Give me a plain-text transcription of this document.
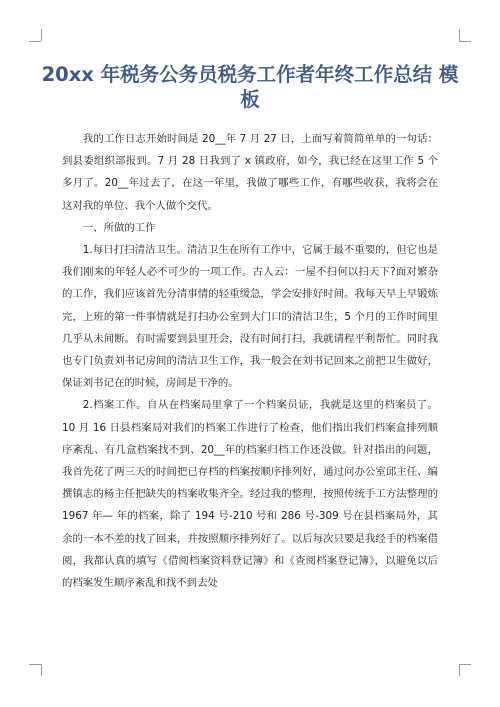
20xx 年税务公务员税务工作者年终工作总结 模板

我的工作日志开始时间是 20__年 7 月 27 日，上面写着简简单单的一句话：到县委组织部报到。7 月 28 日我到了 x 镇政府，如今，我已经在这里工作 5 个多月了。20__年过去了，在这一年里，我做了哪些工作，有哪些收获，我将会在这对我的单位、我个人做个交代。

一、所做的工作

1.每日打扫清洁卫生。清洁卫生在所有工作中，它属于最不重要的，但它也是我们刚来的年轻人必不可少的一项工作。古人云：一屋不扫何以扫天下?面对繁杂的工作，我们应该首先分清事情的轻重缓急，学会安排好时间。我每天早上早锻炼完，上班的第一件事情就是打扫办公室到大门口的清洁卫生，5 个月的工作时间里几乎从未间断。有时需要到县里开会，没有时间打扫，我就请程平利帮忙。同时我也专门负责刘书记房间的清洁卫生工作，我一般会在刘书记回来之前把卫生做好，保证刘书记在的时候，房间是干净的。

2.档案工作。自从在档案局里拿了一个档案员证，我就是这里的档案员了。10 月 16 日县档案局对我们的档案工作进行了检查，他们指出我们档案盒排列顺序紊乱、有几盒档案找不到、20__年的档案归档工作还没做。针对指出的问题，我首先花了两三天的时间把已存档的档案按顺序排列好，通过问办公室邱主任、编撰镇志的杨主任把缺失的档案收集齐全。经过我的整理，按照传统手工方法整理的 1967 年— 年的档案，除了 194 号-210 号和 286 号-309 号在县档案局外，其余的一本不差的找了回来，并按照顺序排列好了。以后每次只要是我经手的档案借阅，我都认真的填写《借阅档案资料登记簿》和《查阅档案登记簿》，以避免以后的档案发生顺序紊乱和找不到去处
